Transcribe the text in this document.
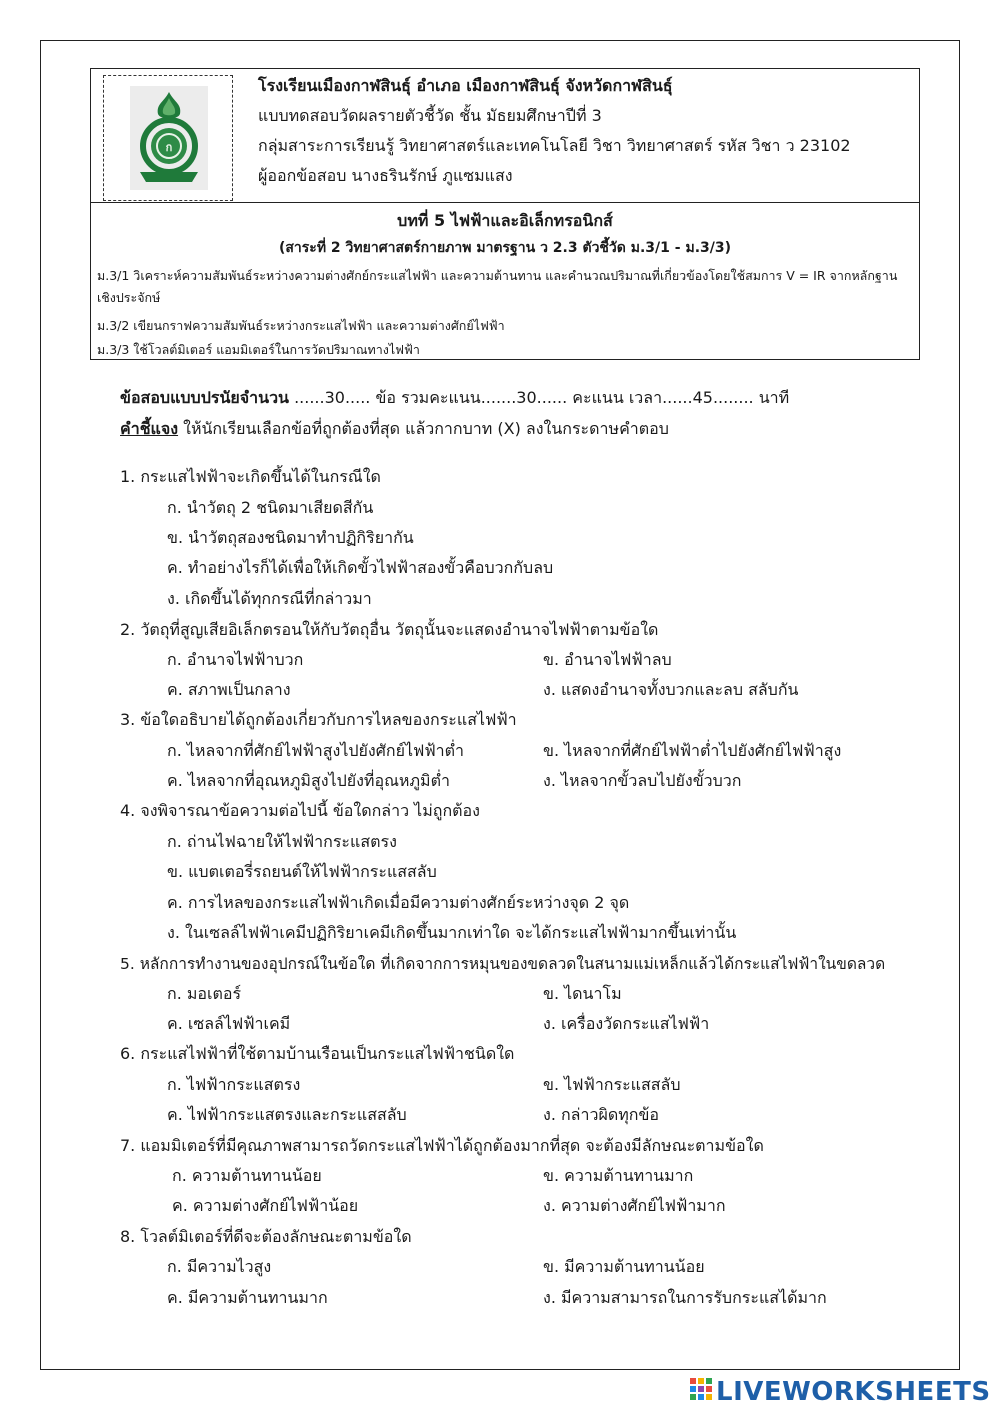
ก
โรงเรียนเมืองกาฬสินธุ์ อำเภอ เมืองกาฬสินธุ์ จังหวัดกาฬสินธุ์
แบบทดสอบวัดผลรายตัวชี้วัด ชั้น มัธยมศึกษาปีที่ 3
กลุ่มสาระการเรียนรู้ วิทยาศาสตร์และเทคโนโลยี วิชา วิทยาศาสตร์ รหัส วิชา ว 23102
ผู้ออกข้อสอบ นางธรินรักษ์ ภูแซมแสง
บทที่ 5 ไฟฟ้าและอิเล็กทรอนิกส์
(สาระที่ 2 วิทยาศาสตร์กายภาพ มาตรฐาน ว 2.3 ตัวชี้วัด ม.3/1 - ม.3/3)
ม.3/1 วิเคราะห์ความสัมพันธ์ระหว่างความต่างศักย์กระแสไฟฟ้า และความต้านทาน และคำนวณปริมาณที่เกี่ยวข้องโดยใช้สมการ V = IR จากหลักฐานเชิงประจักษ์
ม.3/2 เขียนกราฟความสัมพันธ์ระหว่างกระแสไฟฟ้า และความต่างศักย์ไฟฟ้า
ม.3/3 ใช้โวลต์มิเตอร์ แอมมิเตอร์ในการวัดปริมาณทางไฟฟ้า
ข้อสอบแบบปรนัยจำนวน ......30..... ข้อ รวมคะแนน.......30...... คะแนน เวลา......45........ นาที
คำชี้แจง ให้นักเรียนเลือกข้อที่ถูกต้องที่สุด แล้วกากบาท (X) ลงในกระดาษคำตอบ
1. กระแสไฟฟ้าจะเกิดขึ้นได้ในกรณีใด
ก. นำวัตถุ 2 ชนิดมาเสียดสีกัน
ข. นำวัตถุสองชนิดมาทำปฏิกิริยากัน
ค. ทำอย่างไรก็ได้เพื่อให้เกิดขั้วไฟฟ้าสองขั้วคือบวกกับลบ
ง. เกิดขึ้นได้ทุกกรณีที่กล่าวมา
2. วัตถุที่สูญเสียอิเล็กตรอนให้กับวัตถุอื่น วัตถุนั้นจะแสดงอำนาจไฟฟ้าตามข้อใด
ก. อำนาจไฟฟ้าบวก	ข. อำนาจไฟฟ้าลบ
ค. สภาพเป็นกลาง	ง. แสดงอำนาจทั้งบวกและลบ สลับกัน
3. ข้อใดอธิบายได้ถูกต้องเกี่ยวกับการไหลของกระแสไฟฟ้า
ก. ไหลจากที่ศักย์ไฟฟ้าสูงไปยังศักย์ไฟฟ้าต่ำ	ข. ไหลจากที่ศักย์ไฟฟ้าต่ำไปยังศักย์ไฟฟ้าสูง
ค. ไหลจากที่อุณหภูมิสูงไปยังที่อุณหภูมิต่ำ	ง. ไหลจากขั้วลบไปยังขั้วบวก
4. จงพิจารณาข้อความต่อไปนี้ ข้อใดกล่าว ไม่ถูกต้อง
ก. ถ่านไฟฉายให้ไฟฟ้ากระแสตรง
ข. แบตเตอรี่รถยนต์ให้ไฟฟ้ากระแสสลับ
ค. การไหลของกระแสไฟฟ้าเกิดเมื่อมีความต่างศักย์ระหว่างจุด 2 จุด
ง. ในเซลล์ไฟฟ้าเคมีปฏิกิริยาเคมีเกิดขึ้นมากเท่าใด จะได้กระแสไฟฟ้ามากขึ้นเท่านั้น
5. หลักการทำงานของอุปกรณ์ในข้อใด ที่เกิดจากการหมุนของขดลวดในสนามแม่เหล็กแล้วได้กระแสไฟฟ้าในขดลวด
ก. มอเตอร์	ข. ไดนาโม
ค. เซลล์ไฟฟ้าเคมี	ง. เครื่องวัดกระแสไฟฟ้า
6. กระแสไฟฟ้าที่ใช้ตามบ้านเรือนเป็นกระแสไฟฟ้าชนิดใด
ก. ไฟฟ้ากระแสตรง	ข. ไฟฟ้ากระแสสลับ
ค. ไฟฟ้ากระแสตรงและกระแสสลับ	ง. กล่าวผิดทุกข้อ
7. แอมมิเตอร์ที่มีคุณภาพสามารถวัดกระแสไฟฟ้าได้ถูกต้องมากที่สุด จะต้องมีลักษณะตามข้อใด
ก. ความต้านทานน้อย	ข. ความต้านทานมาก
ค. ความต่างศักย์ไฟฟ้าน้อย	ง. ความต่างศักย์ไฟฟ้ามาก
8. โวลต์มิเตอร์ที่ดีจะต้องลักษณะตามข้อใด
ก. มีความไวสูง	ข. มีความต้านทานน้อย
ค. มีความต้านทานมาก	ง. มีความสามารถในการรับกระแสได้มาก
LIVEWORKSHEETS
